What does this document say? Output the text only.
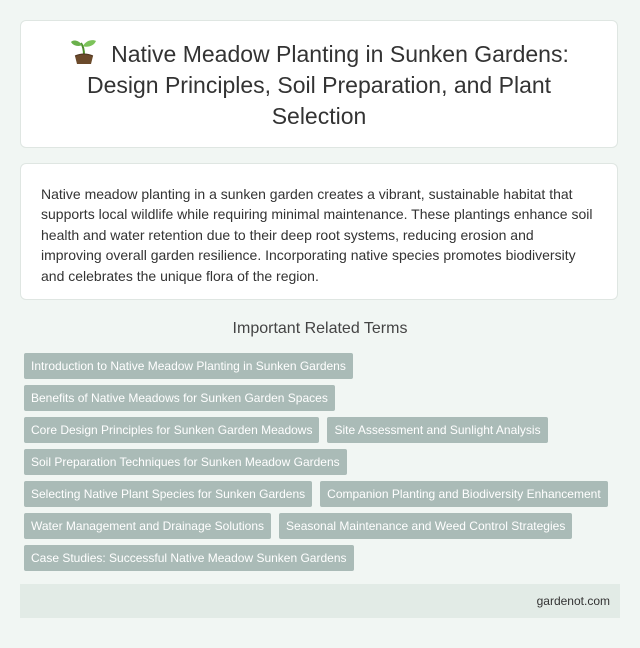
Native Meadow Planting in Sunken Gardens: Design Principles, Soil Preparation, and Plant Selection

Native meadow planting in a sunken garden creates a vibrant, sustainable habitat that supports local wildlife while requiring minimal maintenance. These plantings enhance soil health and water retention due to their deep root systems, reducing erosion and improving overall garden resilience. Incorporating native species promotes biodiversity and celebrates the unique flora of the region.

Important Related Terms
Introduction to Native Meadow Planting in Sunken Gardens
Benefits of Native Meadows for Sunken Garden Spaces
Core Design Principles for Sunken Garden Meadows	Site Assessment and Sunlight Analysis
Soil Preparation Techniques for Sunken Meadow Gardens
Selecting Native Plant Species for Sunken Gardens	Companion Planting and Biodiversity Enhancement
Water Management and Drainage Solutions	Seasonal Maintenance and Weed Control Strategies
Case Studies: Successful Native Meadow Sunken Gardens
gardenot.com
